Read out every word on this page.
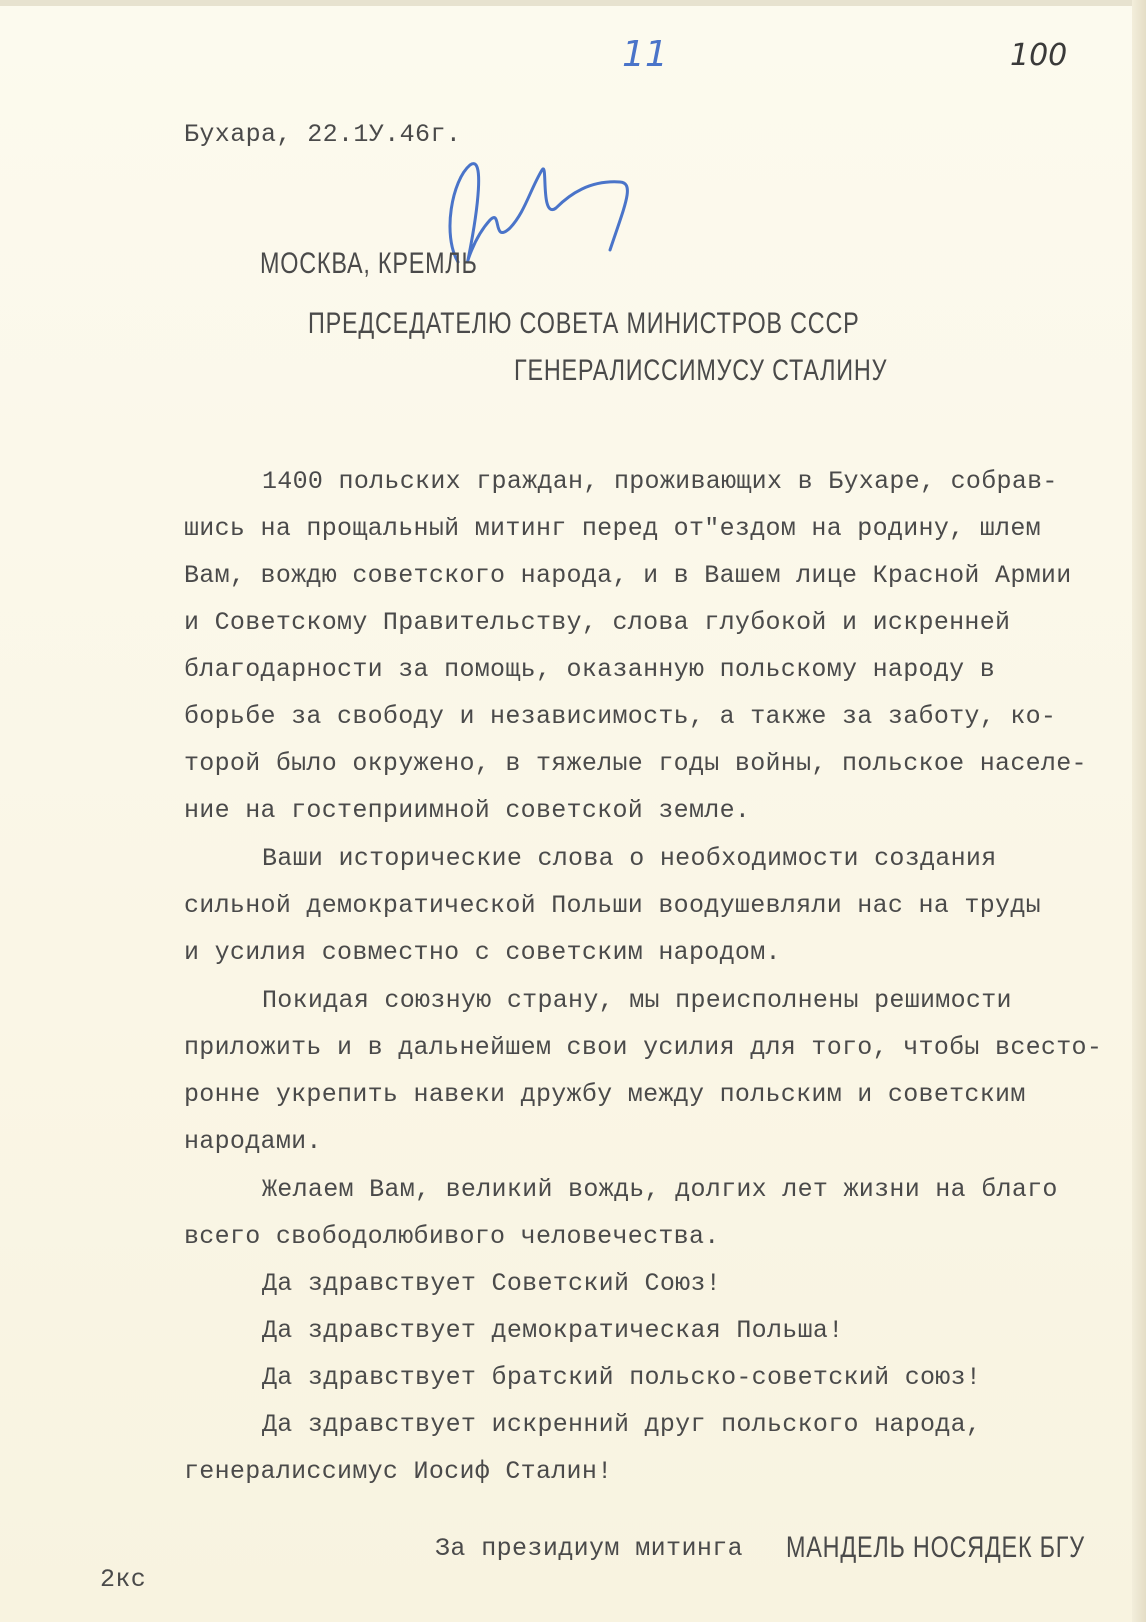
11	100
Бухара, 22.1У.46г.
МОСКВА, КРЕМЛЬ
ПРЕДСЕДАТЕЛЮ СОВЕТА МИНИСТРОВ СССР
ГЕНЕРАЛИССИМУСУ СТАЛИНУ
1400 польских граждан, проживающих в Бухаре, собрав-
шись на прощальный митинг перед от"ездом на родину, шлем
Вам, вождю советского народа, и в Вашем лице Красной Армии
и Советскому Правительству, слова глубокой и искренней
благодарности за помощь, оказанную польскому народу в
борьбе за свободу и независимость, а также за заботу, ко-
торой было окружено, в тяжелые годы войны, польское населе-
ние на гостеприимной советской земле.
Ваши исторические слова о необходимости создания
сильной демократической Польши воодушевляли нас на труды
и усилия совместно с советским народом.
Покидая союзную страну, мы преисполнены решимости
приложить и в дальнейшем свои усилия для того, чтобы всесто-
ронне укрепить навеки дружбу между польским и советским
народами.
Желаем Вам, великий вождь, долгих лет жизни на благо
всего свободолюбивого человечества.
Да здравствует Советский Союз!
Да здравствует демократическая Польша!
Да здравствует братский польско-советский союз!
Да здравствует искренний друг польского народа,
генералиссимус Иосиф Сталин!
За президиум митинга МАНДЕЛЬ НОСЯДЕК БГУ
2кс
